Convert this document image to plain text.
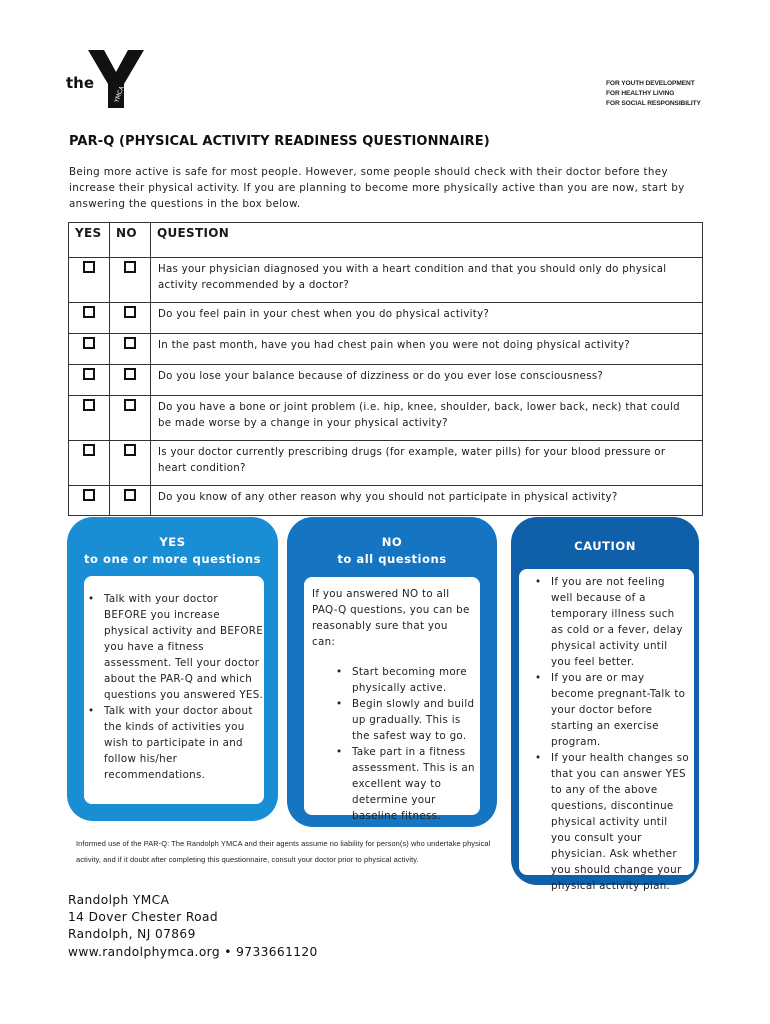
the
YMCA
FOR YOUTH DEVELOPMENT
FOR HEALTHY LIVING
FOR SOCIAL RESPONSIBILITY
PAR-Q (PHYSICAL ACTIVITY READINESS QUESTIONNAIRE)
Being more active is safe for most people. However, some people should check with their doctor before they increase their physical activity. If you are planning to become more physically active than you are now, start by answering the questions in the box below.
YES	NO	QUESTION
		Has your physician diagnosed you with a heart condition and that you should only do physical activity recommended by a doctor?
		Do you feel pain in your chest when you do physical activity?
		In the past month, have you had chest pain when you were not doing physical activity?
		Do you lose your balance because of dizziness or do you ever lose consciousness?
		Do you have a bone or joint problem (i.e. hip, knee, shoulder, back, lower back, neck) that could be made worse by a change in your physical activity?
		Is your doctor currently prescribing drugs (for example, water pills) for your blood pressure or heart condition?
		Do you know of any other reason why you should not participate in physical activity?
YES
to one or more questions
• Talk with your doctor BEFORE you increase physical activity and BEFORE you have a fitness assessment. Tell your doctor about the PAR-Q and which questions you answered YES.
• Talk with your doctor about the kinds of activities you wish to participate in and follow his/her recommendations.
NO
to all questions
If you answered NO to all PAQ-Q questions, you can be reasonably sure that you can:
• Start becoming more physically active.
• Begin slowly and build up gradually. This is the safest way to go.
• Take part in a fitness assessment. This is an excellent way to determine your baseline fitness.
CAUTION
• If you are not feeling well because of a temporary illness such as cold or a fever, delay physical activity until you feel better.
• If you are or may become pregnant-Talk to your doctor before starting an exercise program.
• If your health changes so that you can answer YES to any of the above questions, discontinue physical activity until you consult your physician. Ask whether you should change your physical activity plan.
Informed use of the PAR-Q: The Randolph YMCA and their agents assume no liability for person(s) who undertake physical activity, and if it doubt after completing this questionnaire, consult your doctor prior to physical activity.
Randolph YMCA
14 Dover Chester Road
Randolph, NJ 07869
www.randolphymca.org • 9733661120
